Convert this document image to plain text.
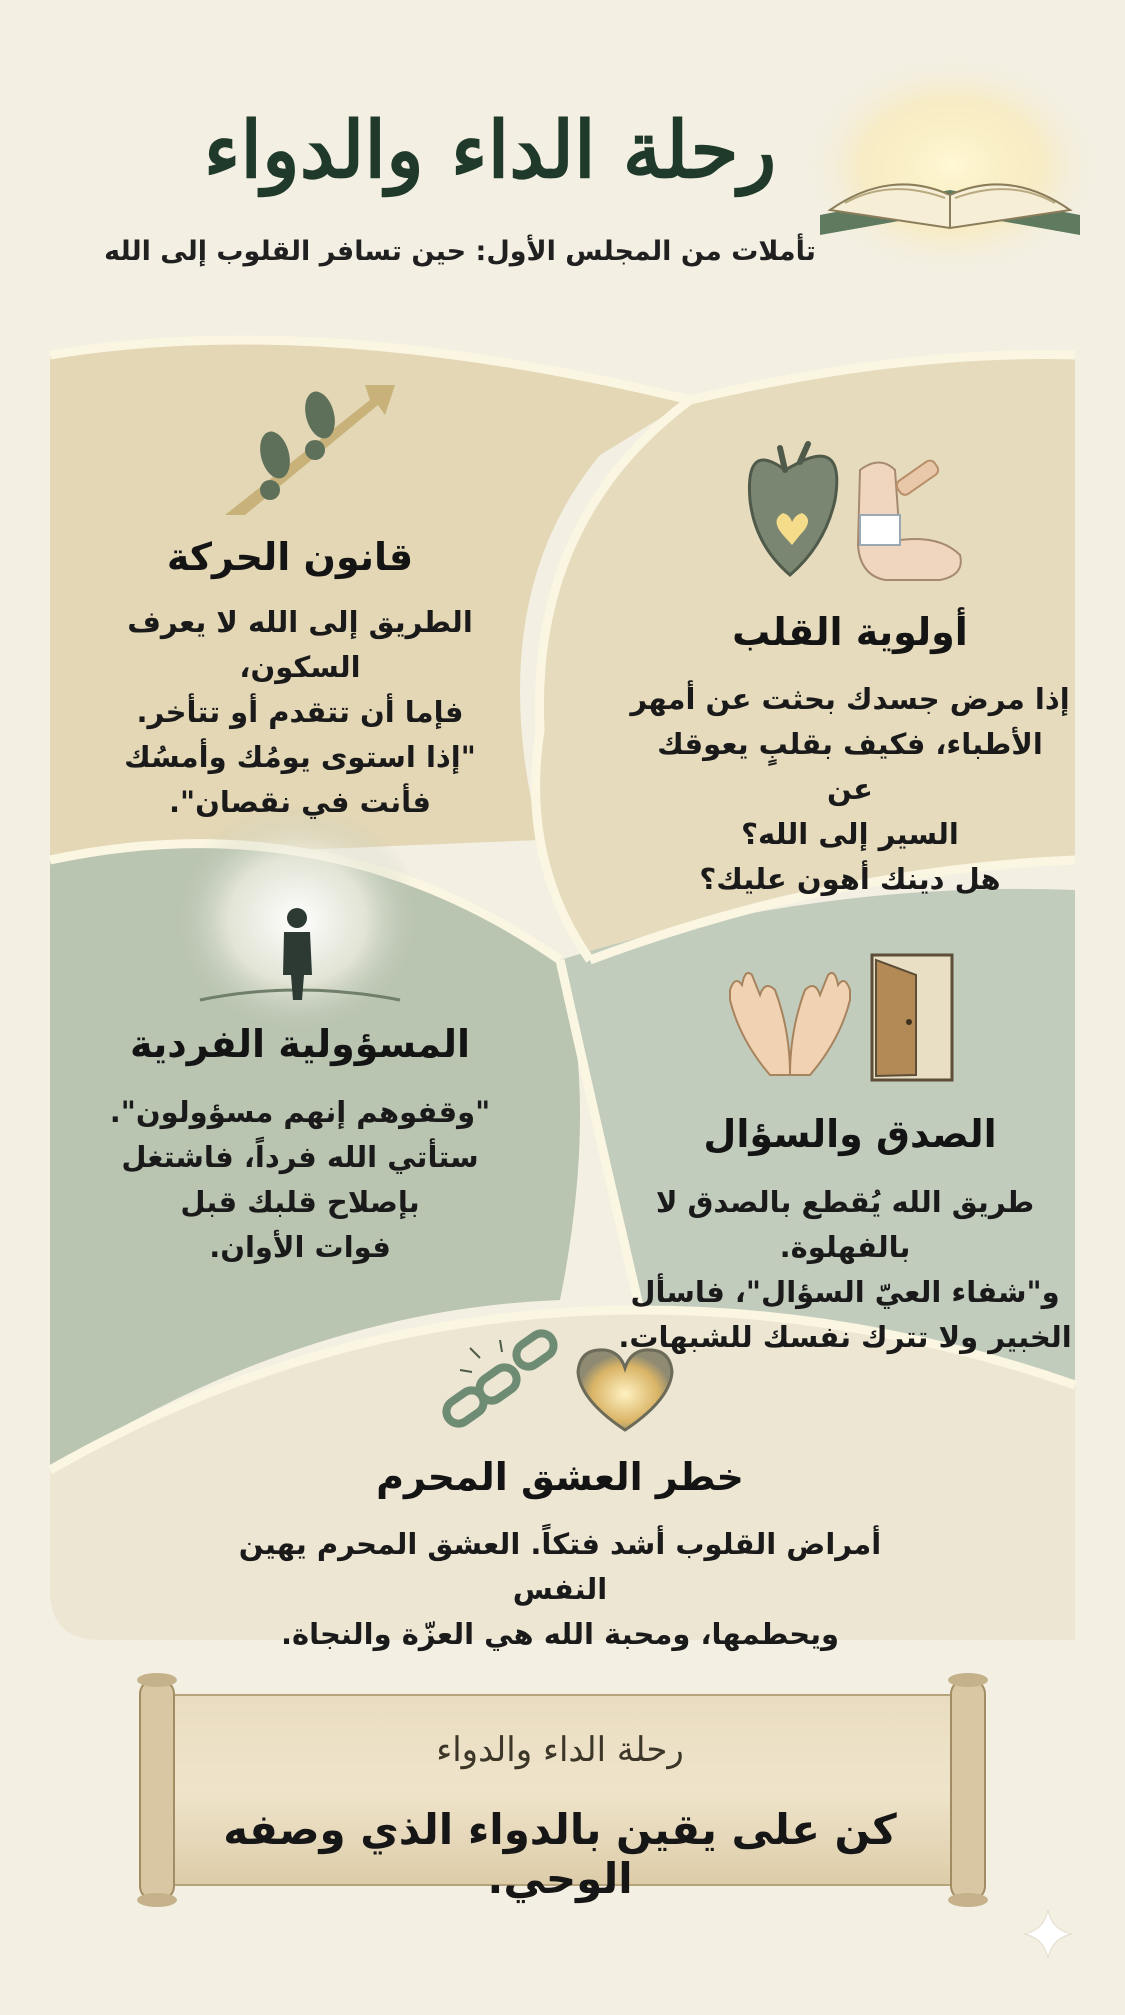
رحلة الداء والدواء
تأملات من المجلس الأول: حين تسافر القلوب إلى الله
قانون الحركة
الطريق إلى الله لا يعرف السكون،
فإما أن تتقدم أو تتأخر.
"إذا استوى يومُك وأمسُك
فأنت في نقصان".
أولوية القلب
إذا مرض جسدك بحثت عن أمهر
الأطباء، فكيف بقلبٍ يعوقك عن
السير إلى الله؟
هل دينك أهون عليك؟
المسؤولية الفردية
"وقفوهم إنهم مسؤولون".
ستأتي الله فرداً، فاشتغل
بإصلاح قلبك قبل
فوات الأوان.
الصدق والسؤال
طريق الله يُقطع بالصدق لا بالفهلوة.
و"شفاء العيّ السؤال"، فاسأل
الخبير ولا تترك نفسك للشبهات.
خطر العشق المحرم
أمراض القلوب أشد فتكاً. العشق المحرم يهين النفس
ويحطمها، ومحبة الله هي العزّة والنجاة.
رحلة الداء والدواء
كن على يقين بالدواء الذي وصفه الوحي.
